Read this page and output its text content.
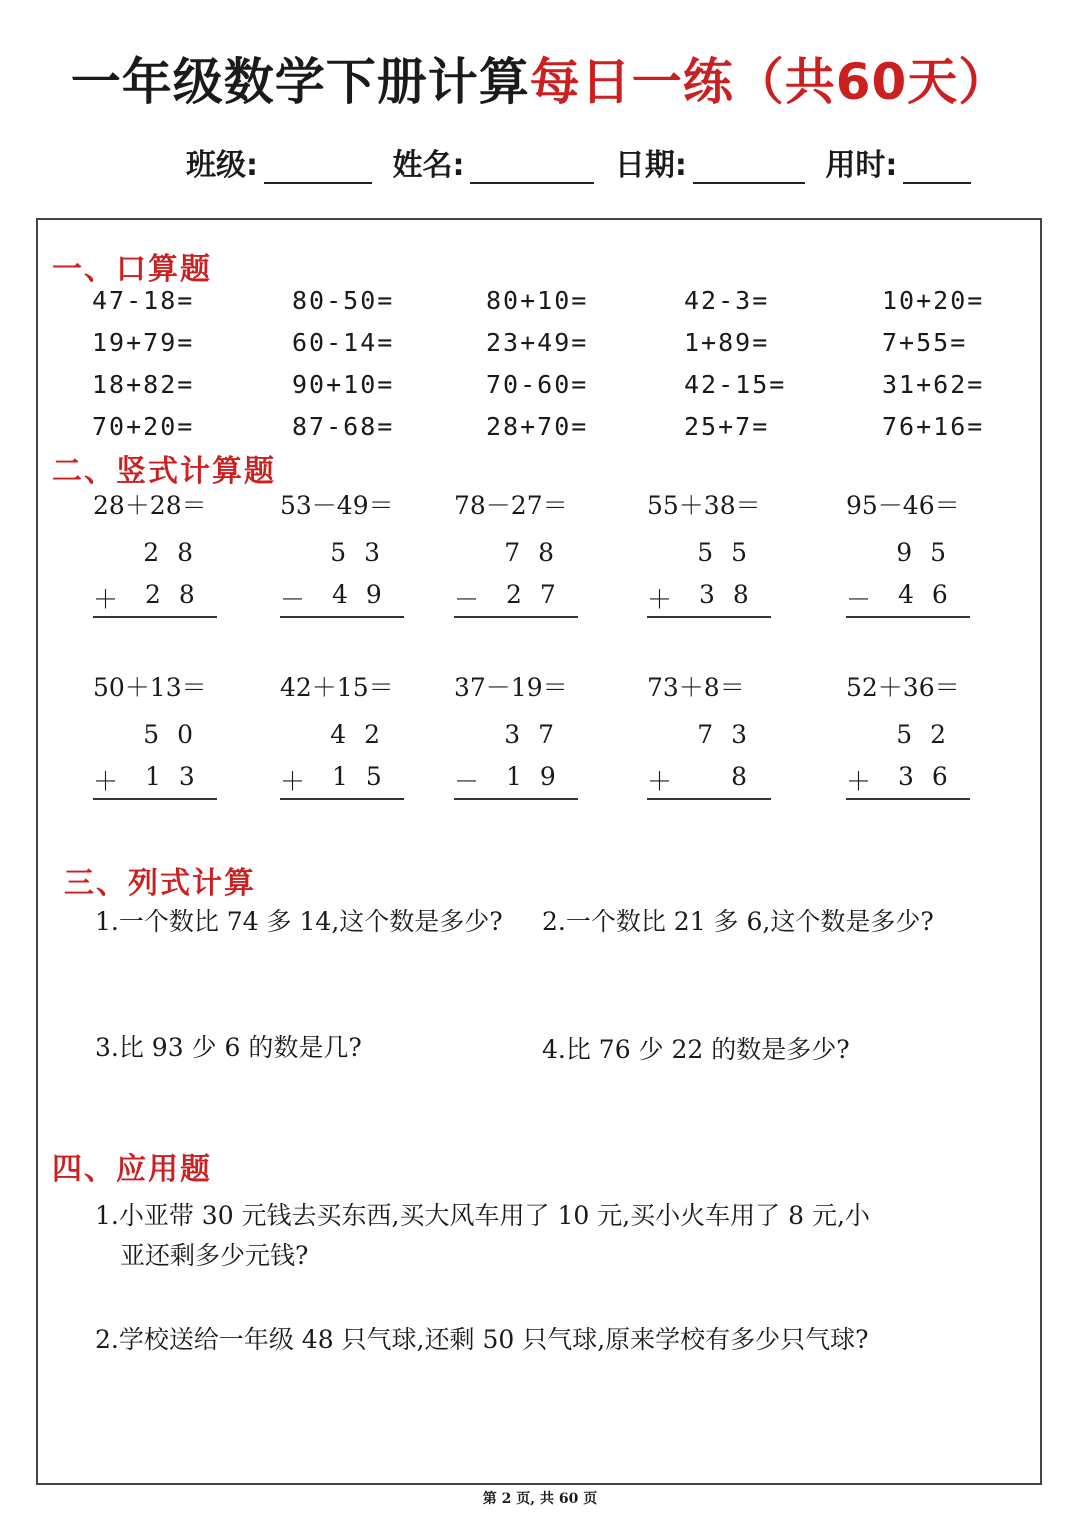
一年级数学下册计算每日一练（共60天）
班级:	姓名:	日期:	用时:
一、口算题
47-18=	80-50=	80+10=	42-3=	10+20=
19+79=	60-14=	23+49=	1+89=	7+55=
18+82=	90+10=	70-60=	42-15=	31+62=
70+20=	87-68=	28+70=	25+7=	76+16=
二、竖式计算题
28＋28＝
28
＋ 28
53－49＝
53
－ 49
78－27＝
78
－ 27
55＋38＝
55
＋ 38
95－46＝
95
－ 46
50＋13＝
50
＋ 13
42＋15＝
42
＋ 15
37－19＝
37
－ 19
73＋8＝
73
＋	8
52＋36＝
52
＋ 36
三、列式计算
1.一个数比 74 多 14,这个数是多少? 2.一个数比 21 多 6,这个数是多少?
3.比 93 少 6 的数是几?	4.比 76 少 22 的数是多少?
四、应用题
1.小亚带 30 元钱去买东西,买大风车用了 10 元,买小火车用了 8 元,小
亚还剩多少元钱?
2.学校送给一年级 48 只气球,还剩 50 只气球,原来学校有多少只气球?
第 2 页, 共 60 页
